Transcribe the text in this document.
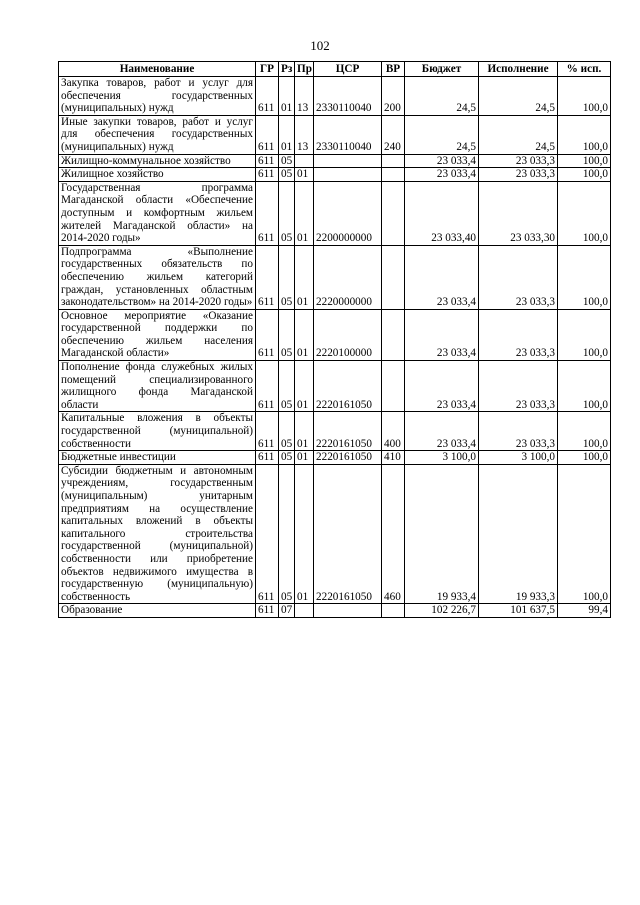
102
Наименование	ГР	Рз	Пр	ЦСР	ВР	Бюджет	Исполнение	% исп.
Закупка товаров, работ и услуг для обеспечения государственных (муниципальных) нужд	611	01	13	2330110040	200	24,5	24,5	100,0
Иные закупки товаров, работ и услуг для обеспечения государственных (муниципальных) нужд	611	01	13	2330110040	240	24,5	24,5	100,0
Жилищно-коммунальное хозяйство	611	05				23 033,4	23 033,3	100,0
Жилищное хозяйство	611	05	01			23 033,4	23 033,3	100,0
Государственная программа Магаданской области «Обеспечение доступным и комфортным жильем жителей Магаданской области» на 2014-2020 годы»	611	05	01	2200000000		23 033,40	23 033,30	100,0
Подпрограмма «Выполнение государственных обязательств по обеспечению жильем категорий граждан, установленных областным законодательством» на 2014-2020 годы»	611	05	01	2220000000		23 033,4	23 033,3	100,0
Основное мероприятие «Оказание государственной поддержки по обеспечению жильем населения Магаданской области»	611	05	01	2220100000		23 033,4	23 033,3	100,0
Пополнение фонда служебных жилых помещений специализированного жилищного фонда Магаданской области	611	05	01	2220161050		23 033,4	23 033,3	100,0
Капитальные вложения в объекты государственной (муниципальной) собственности	611	05	01	2220161050	400	23 033,4	23 033,3	100,0
Бюджетные инвестиции	611	05	01	2220161050	410	3 100,0	3 100,0	100,0
Субсидии бюджетным и автономным учреждениям, государственным (муниципальным) унитарным предприятиям на осуществление капитальных вложений в объекты капитального строительства государственной (муниципальной) собственности или приобретение объектов недвижимого имущества в государственную (муниципальную) собственность	611	05	01	2220161050	460	19 933,4	19 933,3	100,0
Образование	611	07				102 226,7	101 637,5	99,4
